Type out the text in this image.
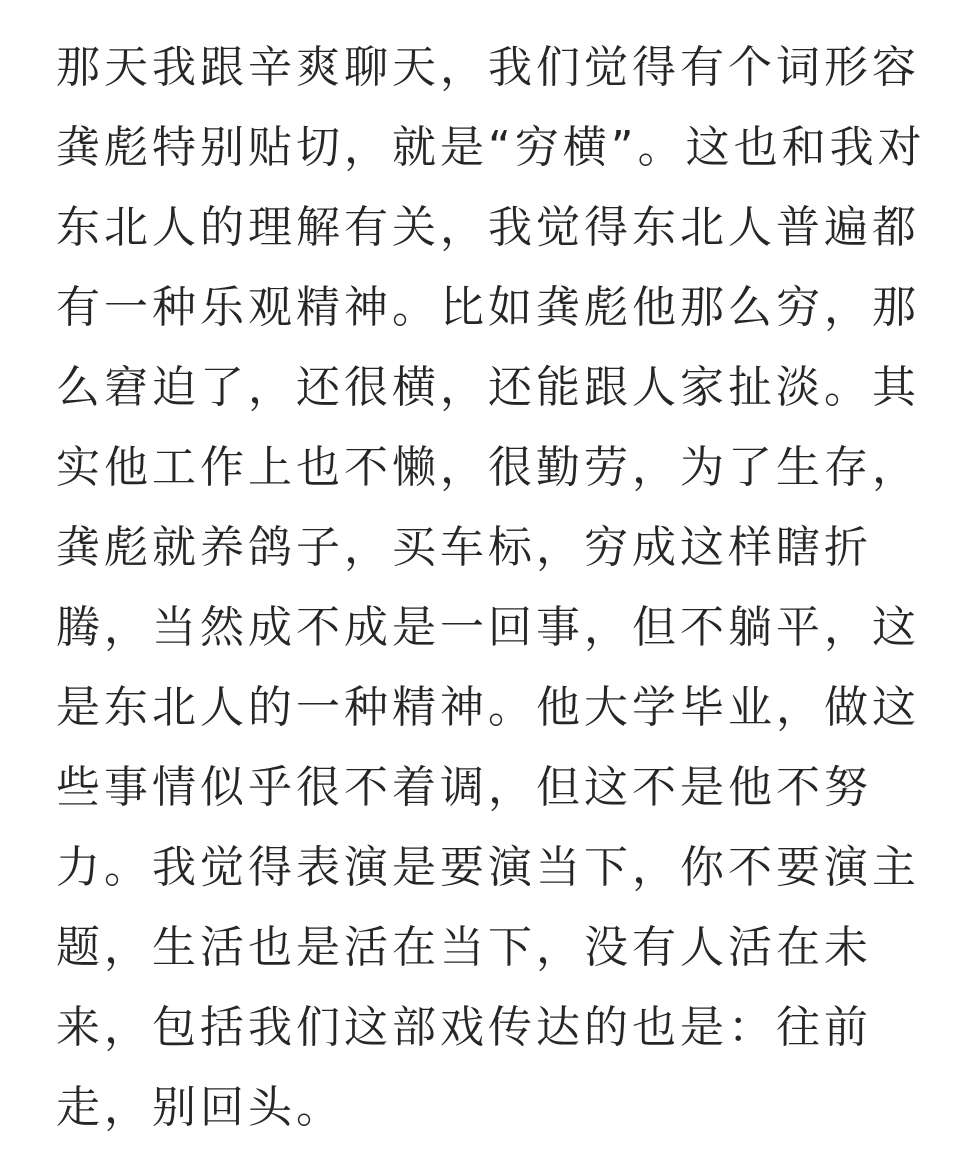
那天我跟辛爽聊天，我们觉得有个词形容
龚彪特别贴切，就是“穷横”。这也和我对
东北人的理解有关，我觉得东北人普遍都
有一种乐观精神。比如龚彪他那么穷，那
么窘迫了，还很横，还能跟人家扯淡。其
实他工作上也不懒，很勤劳，为了生存，
龚彪就养鸽子，买车标，穷成这样瞎折
腾，当然成不成是一回事，但不躺平，这
是东北人的一种精神。他大学毕业，做这
些事情似乎很不着调，但这不是他不努
力。我觉得表演是要演当下，你不要演主
题，生活也是活在当下，没有人活在未
来，包括我们这部戏传达的也是：往前
走，别回头。
